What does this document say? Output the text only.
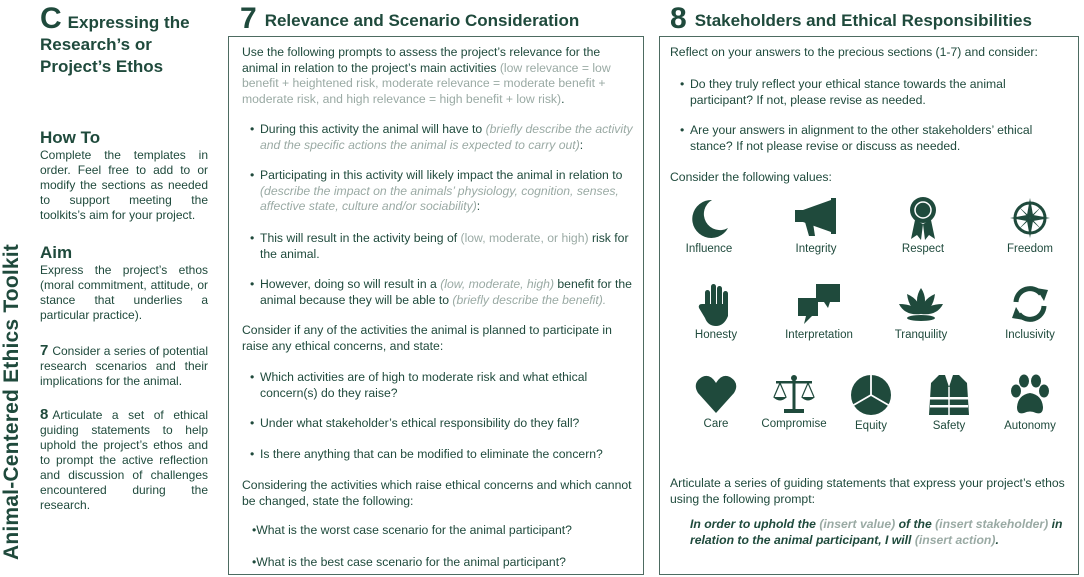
Animal-Centered Ethics Toolkit
C Expressing the
Research’s or
Project’s Ethos
How To
Complete the templates in order. Feel free to add to or modify the sections as needed to support meeting the toolkits’s aim for your project.
Aim
Express the project’s ethos (moral commitment, attitude, or stance that underlies a particular practice).
7 Consider a series of potential research scenarios and their implications for the animal.
8 Articulate a set of ethical guiding statements to help uphold the project’s ethos and to prompt the active reflection and discussion of challenges encountered during the research.
7 Relevance and Scenario Consideration
Use the following prompts to assess the project’s relevance for the animal in relation to the project’s main activities (low relevance = low benefit + heightened risk, moderate relevance = moderate benefit + moderate risk, and high relevance = high benefit + low risk).
• During this activity the animal will have to (briefly describe the activity and the specific actions the animal is expected to carry out):
• Participating in this activity will likely impact the animal in relation to (describe the impact on the animals’ physiology, cognition, senses, affective state, culture and/or sociability):
• This will result in the activity being of (low, moderate, or high) risk for the animal.
• However, doing so will result in a (low, moderate, high) benefit for the animal because they will be able to (briefly describe the benefit).
Consider if any of the activities the animal is planned to participate in raise any ethical concerns, and state:
• Which activities are of high to moderate risk and what ethical concern(s) do they raise?
• Under what stakeholder’s ethical responsibility do they fall?
• Is there anything that can be modified to eliminate the concern?
Considering the activities which raise ethical concerns and which cannot be changed, state the following:
•What is the worst case scenario for the animal participant?
•What is the best case scenario for the animal participant?
8 Stakeholders and Ethical Responsibilities
Reflect on your answers to the precious sections (1-7) and consider:
• Do they truly reflect your ethical stance towards the animal participant? If not, please revise as needed.
• Are your answers in alignment to the other stakeholders’ ethical stance? If not please revise or discuss as needed.
Consider the following values:
Influence	Integrity	Respect	Freedom
Honesty	Interpretation	Tranquility	Inclusivity
Care	Compromise	Equity	Safety	Autonomy
Articulate a series of guiding statements that express your project’s ethos using the following prompt:
In order to uphold the (insert value) of the (insert stakeholder) in relation to the animal participant, I will (insert action).
